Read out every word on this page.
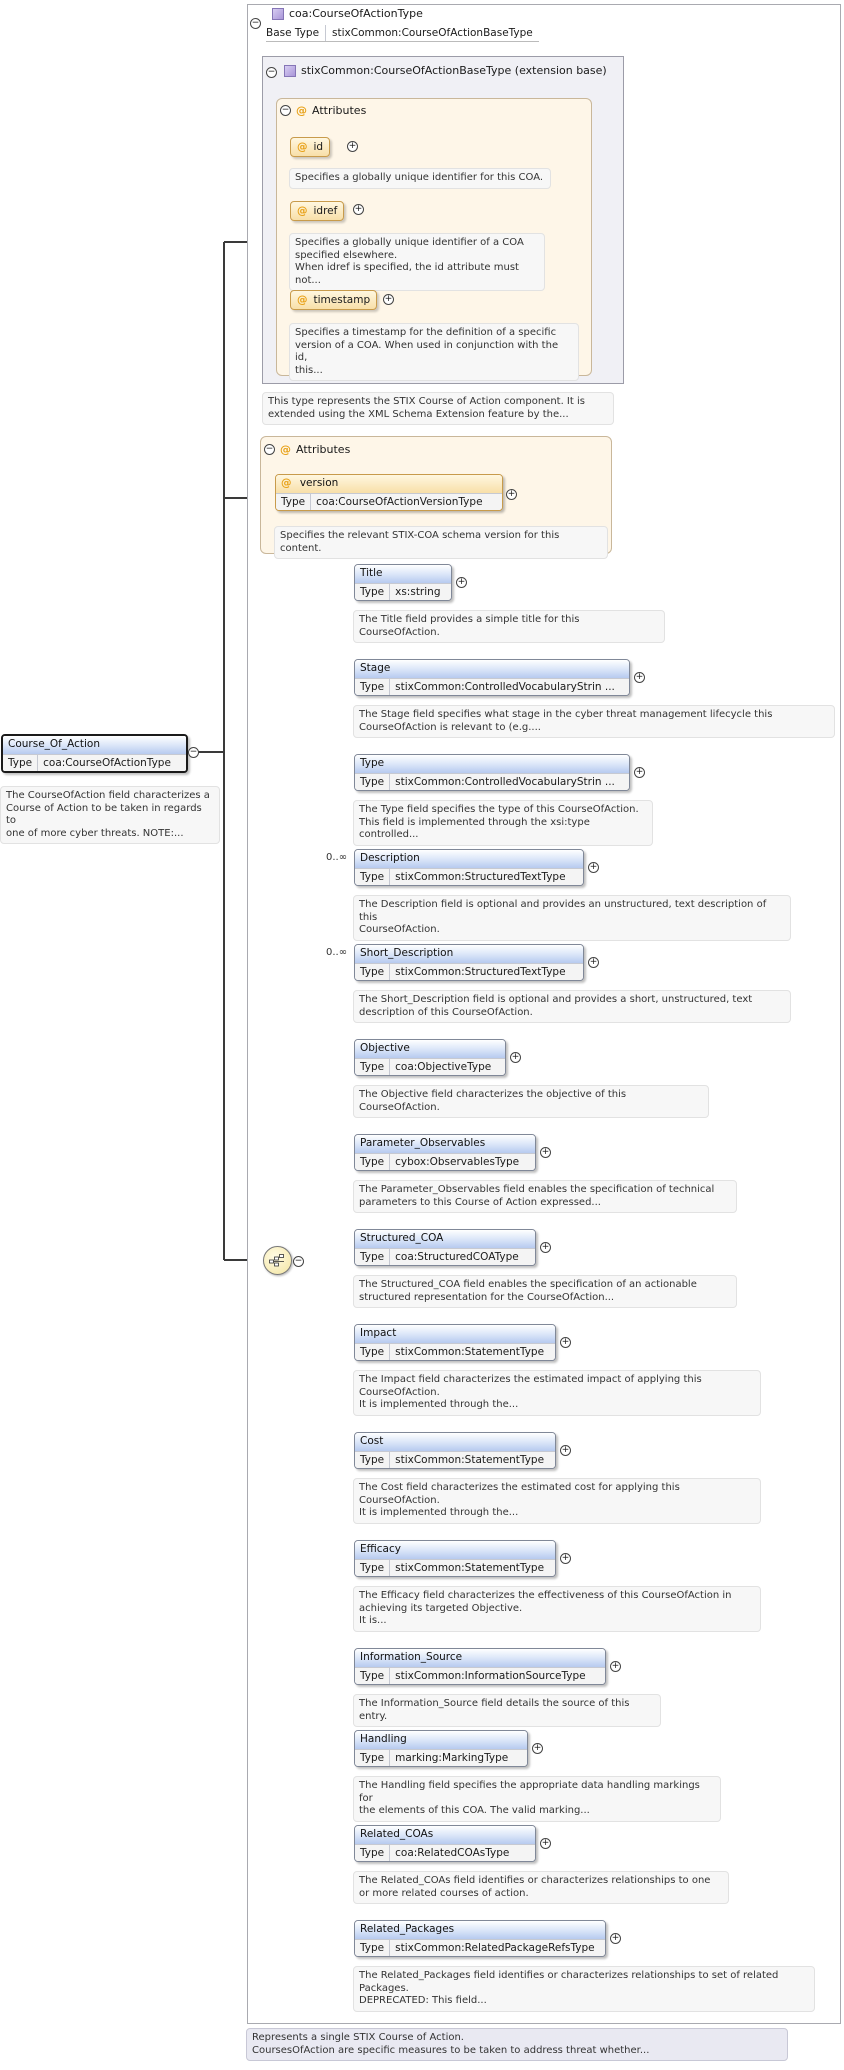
−
coa:CourseOfActionType
Base Type	stixCommon:CourseOfActionBaseType
− stixCommon:CourseOfActionBaseType (extension base)
− @ Attributes
@ id	+
Specifies a globally unique identifier for this COA.
@ idref +
Specifies a globally unique identifier of a COA
specified elsewhere.
When idref is specified, the id attribute must not...
@ timestamp +
Specifies a timestamp for the definition of a specific
version of a COA. When used in conjunction with the id,
this...
This type represents the STIX Course of Action component. It is
extended using the XML Schema Extension feature by the...
− @ Attributes
@ version
Type	coa:CourseOfActionVersionType
+
Specifies the relevant STIX-COA schema version for this content.
Course_Of_Action
Type	coa:CourseOfActionType
−
The CourseOfAction field characterizes a
Course of Action to be taken in regards to
one of more cyber threats. NOTE:...
−
Title
Type	xs:string
+
The Title field provides a simple title for this
CourseOfAction.
Stage
Type	stixCommon:ControlledVocabularyStrin ...
+
The Stage field specifies what stage in the cyber threat management lifecycle this
CourseOfAction is relevant to (e.g....
Type
Type	stixCommon:ControlledVocabularyStrin ...
+
The Type field specifies the type of this CourseOfAction.
This field is implemented through the xsi:type controlled...
Description
Type	stixCommon:StructuredTextType
+
0..∞
The Description field is optional and provides an unstructured, text description of this
CourseOfAction.
Short_Description
Type	stixCommon:StructuredTextType
+
0..∞
The Short_Description field is optional and provides a short, unstructured, text
description of this CourseOfAction.
Objective
Type	coa:ObjectiveType
+
The Objective field characterizes the objective of this
CourseOfAction.
Parameter_Observables
Type	cybox:ObservablesType
+
The Parameter_Observables field enables the specification of technical
parameters to this Course of Action expressed...
Structured_COA
Type	coa:StructuredCOAType
+
The Structured_COA field enables the specification of an actionable
structured representation for the CourseOfAction...
Impact
Type	stixCommon:StatementType
+
The Impact field characterizes the estimated impact of applying this
CourseOfAction.
It is implemented through the...
Cost
Type	stixCommon:StatementType
+
The Cost field characterizes the estimated cost for applying this
CourseOfAction.
It is implemented through the...
Efficacy
Type	stixCommon:StatementType
+
The Efficacy field characterizes the effectiveness of this CourseOfAction in
achieving its targeted Objective.
It is...
Information_Source
Type	stixCommon:InformationSourceType
+
The Information_Source field details the source of this entry.
Handling
Type	marking:MarkingType
+
The Handling field specifies the appropriate data handling markings for
the elements of this COA. The valid marking...
Related_COAs
Type	coa:RelatedCOAsType
+
The Related_COAs field identifies or characterizes relationships to one
or more related courses of action.
Related_Packages
Type	stixCommon:RelatedPackageRefsType
+
The Related_Packages field identifies or characterizes relationships to set of related
Packages.
DEPRECATED: This field...
Represents a single STIX Course of Action.
CoursesOfAction are specific measures to be taken to address threat whether...
